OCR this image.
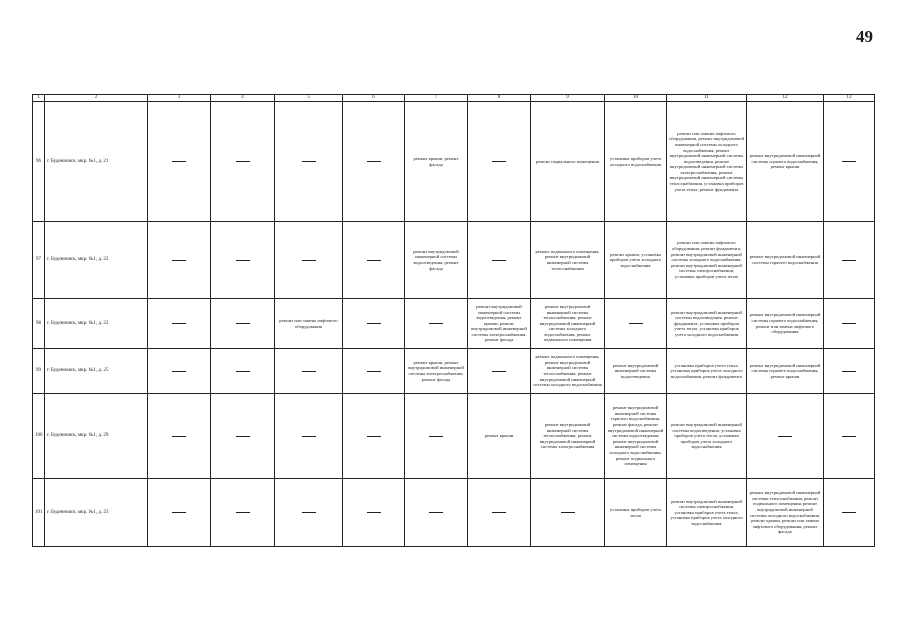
49
1	2	3	4	5	6	7	8	9	10	11	12	13
96	г. Буденновск, мкр. №1, д. 21					ремонт крыши, ремонт фасада		ремонт подвального помещения	установка приборов учета холодного водоснабжения	ремонт или замена лифтового оборудования, ремонт внутридомовой инженерной системы холодного водоснабжения, ремонт внутридомовой инженерной системы водоотведения, ремонт внутридомовой инженерной системы электроснабжения, ремонт внутридомовой инженерной системы теплоснабжения, установка приборов учета тепла, ремонт фундамента	ремонт внутридомовой инженерной системы горячего водоснабжения, ремонт крыши	
97	г. Буденновск, мкр. №1, д. 22					ремонт внутридомовой инженерной системы водоотведения, ремонт фасада		ремонт подвального помещения, ремонт внутридомовой инженерной системы теплоснабжения	ремонт крыши, установка приборов учета холодного водоснабжения	ремонт или замена лифтового оборудования, ремонт фундамента, ремонт внутридомовой инженерной системы холодного водоснабжения, ремонт внутридомовой инженерной системы электроснабжения, установка приборов учета тепла	ремонт внутридомовой инженерной системы горячего водоснабжения	
98	г. Буденновск, мкр. №1, д. 23			ремонт или замена лифтового оборудования			ремонт внутридомовой инженерной системы водоотведения, ремонт крыши, ремонт внутридомовой инженерной системы электроснабжения, ремонт фасада	ремонт внутридомовой инженерной системы теплоснабжения, ремонт внутридомовой инженерной системы холодного водоснабжения, ремонт подвального помещения		ремонт внутридомовой инженерной системы водоотведения, ремонт фундамента, установка приборов учета тепла, установка приборов учета холодного водоснабжения	ремонт внутридомовой инженерной системы горячего водоснабжения, ремонт или замена лифтового оборудования	
99	г. Буденновск, мкр. №1, д. 25					ремонт крыши, ремонт внутридомовой инженерной системы электроснабжения, ремонт фасада		ремонт подвального помещения, ремонт внутридомовой инженерной системы теплоснабжения, ремонт внутридомовой инженерной системы холодного водоснабжения	ремонт внутридомовой инженерной системы водоотведения	установка приборов учета тепла, установка приборов учета холодного водоснабжения, ремонт фундамента	ремонт внутридомовой инженерной системы горячего водоснабжения, ремонт крыши	
100	г. Буденновск, мкр. №1, д. 29						ремонт крыши	ремонт внутридомовой инженерной системы теплоснабжения, ремонт внутридомовой инженерной системы электроснабжения	ремонт внутридомовой инженерной системы горячего водоснабжения, ремонт фасада, ремонт внутридомовой инженерной системы водоотведения, ремонт внутридомовой инженерной системы холодного водоснабжения, ремонт подвального помещения	ремонт внутридомовой инженерной системы водоотведения, установка приборов учета тепла, установка приборов учета холодного водоснабжения		
101	г. Буденновск, мкр. №1, д. 23								установка приборов учета тепла	ремонт внутридомовой инженерной системы электроснабжения, установка приборов учета тепла, установка приборов учета холодного водоснабжения	ремонт внутридомовой инженерной системы теплоснабжения, ремонт подвального помещения, ремонт внутридомовой инженерной системы холодного водоснабжения, ремонт крыши, ремонт или замена лифтового оборудования, ремонт фасада	
